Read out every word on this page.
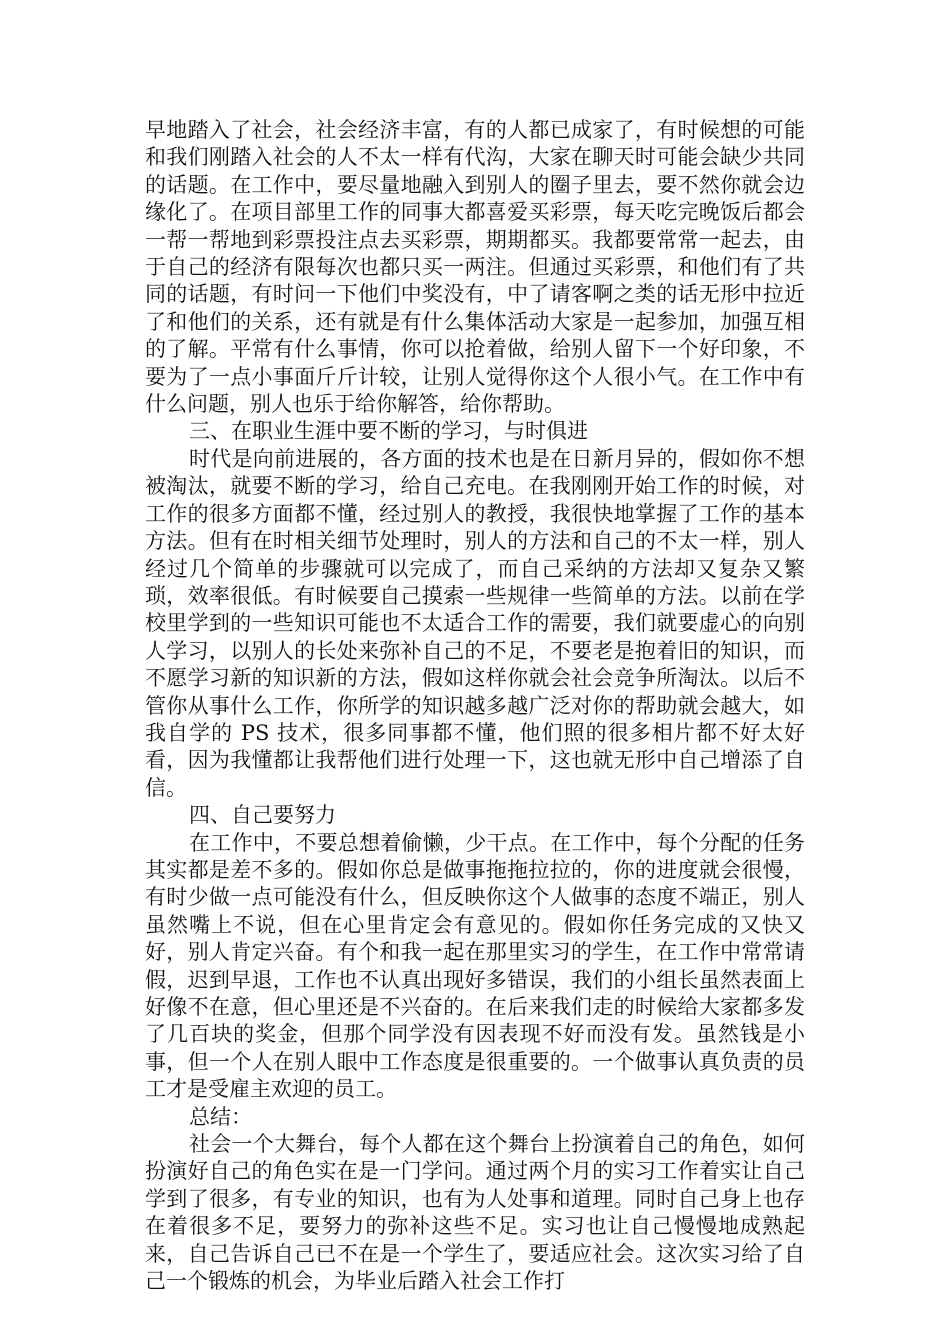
早地踏入了社会，社会经济丰富，有的人都已成家了，有时候想的可能和我们刚踏入社会的人不太一样有代沟，大家在聊天时可能会缺少共同的话题。在工作中，要尽量地融入到别人的圈子里去，要不然你就会边缘化了。在项目部里工作的同事大都喜爱买彩票，每天吃完晚饭后都会一帮一帮地到彩票投注点去买彩票，期期都买。我都要常常一起去，由于自己的经济有限每次也都只买一两注。但通过买彩票，和他们有了共同的话题，有时问一下他们中奖没有，中了请客啊之类的话无形中拉近了和他们的关系，还有就是有什么集体活动大家是一起参加，加强互相的了解。平常有什么事情，你可以抢着做，给别人留下一个好印象，不要为了一点小事面斤斤计较，让别人觉得你这个人很小气。在工作中有什么问题，别人也乐于给你解答，给你帮助。

三、在职业生涯中要不断的学习，与时俱进

时代是向前进展的，各方面的技术也是在日新月异的，假如你不想被淘汰，就要不断的学习，给自己充电。在我刚刚开始工作的时候，对工作的很多方面都不懂，经过别人的教授，我很快地掌握了工作的基本方法。但有在时相关细节处理时，别人的方法和自己的不太一样，别人经过几个简单的步骤就可以完成了，而自己采纳的方法却又复杂又繁琐，效率很低。有时候要自己摸索一些规律一些简单的方法。以前在学校里学到的一些知识可能也不太适合工作的需要，我们就要虚心的向别人学习，以别人的长处来弥补自己的不足，不要老是抱着旧的知识，而不愿学习新的知识新的方法，假如这样你就会社会竞争所淘汰。以后不管你从事什么工作，你所学的知识越多越广泛对你的帮助就会越大，如我自学的 PS 技术，很多同事都不懂，他们照的很多相片都不好太好看，因为我懂都让我帮他们进行处理一下，这也就无形中自己增添了自信。

四、自己要努力

在工作中，不要总想着偷懒，少干点。在工作中，每个分配的任务其实都是差不多的。假如你总是做事拖拖拉拉的，你的进度就会很慢，有时少做一点可能没有什么，但反映你这个人做事的态度不端正，别人虽然嘴上不说，但在心里肯定会有意见的。假如你任务完成的又快又好，别人肯定兴奋。有个和我一起在那里实习的学生，在工作中常常请假，迟到早退，工作也不认真出现好多错误，我们的小组长虽然表面上好像不在意，但心里还是不兴奋的。在后来我们走的时候给大家都多发了几百块的奖金，但那个同学没有因表现不好而没有发。虽然钱是小事，但一个人在别人眼中工作态度是很重要的。一个做事认真负责的员工才是受雇主欢迎的员工。

总结：

社会一个大舞台，每个人都在这个舞台上扮演着自己的角色，如何扮演好自己的角色实在是一门学问。通过两个月的实习工作着实让自己学到了很多，有专业的知识，也有为人处事和道理。同时自己身上也存在着很多不足，要努力的弥补这些不足。实习也让自己慢慢地成熟起来，自己告诉自己已不在是一个学生了，要适应社会。这次实习给了自己一个锻炼的机会，为毕业后踏入社会工作打
